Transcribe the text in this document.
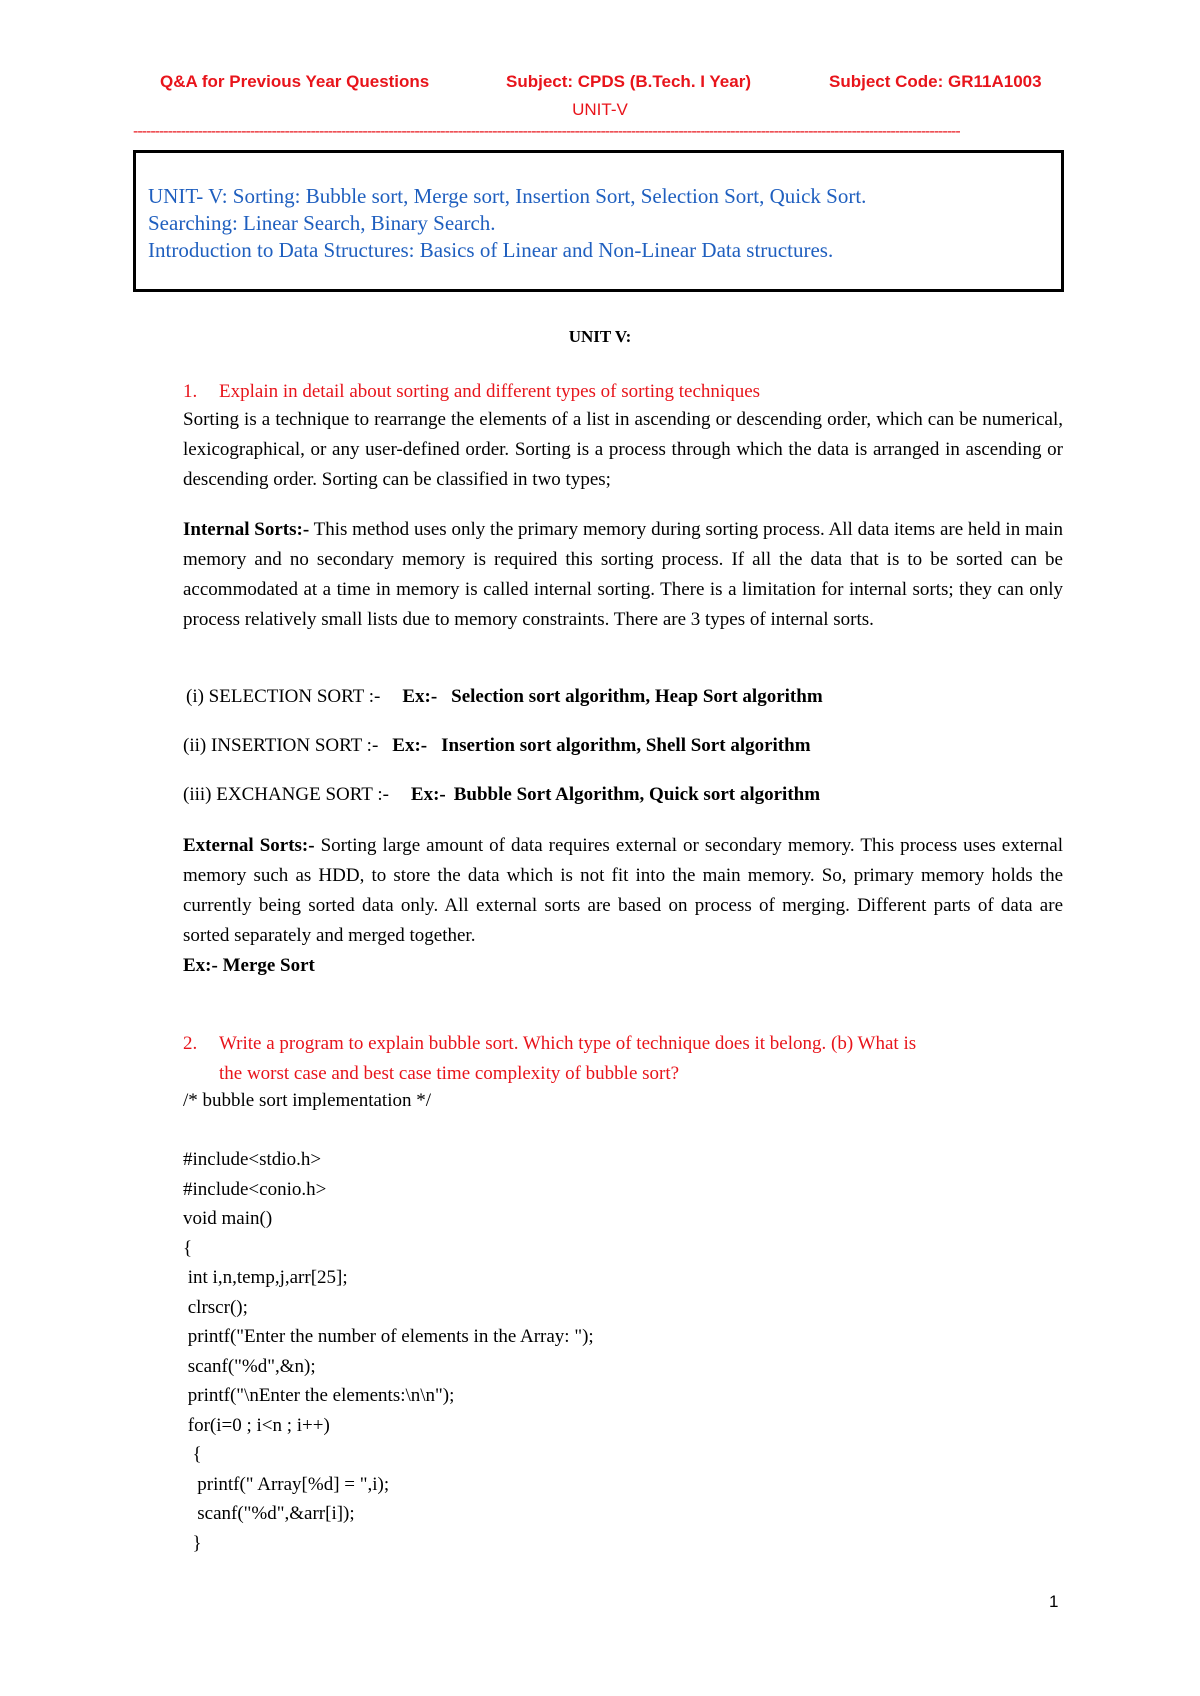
Q&A for Previous Year Questions	Subject: CPDS (B.Tech. I Year)	Subject Code: GR11A1003
UNIT-V
-----------------------------------------------------------------------------------------------------------------------------------------------------------------------------------------------
UNIT- V: Sorting: Bubble sort, Merge sort, Insertion Sort, Selection Sort, Quick Sort.
Searching: Linear Search, Binary Search.
Introduction to Data Structures: Basics of Linear and Non-Linear Data structures.
UNIT V:
1. Explain in detail about sorting and different types of sorting techniques
Sorting is a technique to rearrange the elements of a list in ascending or descending order, which can be numerical, lexicographical, or any user-defined order. Sorting is a process through which the data is arranged in ascending or descending order. Sorting can be classified in two types;
Internal Sorts:- This method uses only the primary memory during sorting process. All data items are held in main memory and no secondary memory is required this sorting process. If all the data that is to be sorted can be accommodated at a time in memory is called internal sorting. There is a limitation for internal sorts; they can only process relatively small lists due to memory constraints. There are 3 types of internal sorts.
(i) SELECTION SORT :- Ex:- Selection sort algorithm, Heap Sort algorithm
(ii) INSERTION SORT :- Ex:- Insertion sort algorithm, Shell Sort algorithm
(iii) EXCHANGE SORT :- Ex:- Bubble Sort Algorithm, Quick sort algorithm
External Sorts:- Sorting large amount of data requires external or secondary memory. This process uses external memory such as HDD, to store the data which is not fit into the main memory. So, primary memory holds the currently being sorted data only. All external sorts are based on process of merging. Different parts of data are sorted separately and merged together.
Ex:- Merge Sort
2. Write a program to explain bubble sort. Which type of technique does it belong. (b) What is
the worst case and best case time complexity of bubble sort?
/* bubble sort implementation */
#include<stdio.h>
#include<conio.h>
void main()
{
int i,n,temp,j,arr[25];
clrscr();
printf("Enter the number of elements in the Array: ");
scanf("%d",&n);
printf("\nEnter the elements:\n\n");
for(i=0 ; i<n ; i++)
{
printf(" Array[%d] = ",i);
scanf("%d",&arr[i]);
}
1
